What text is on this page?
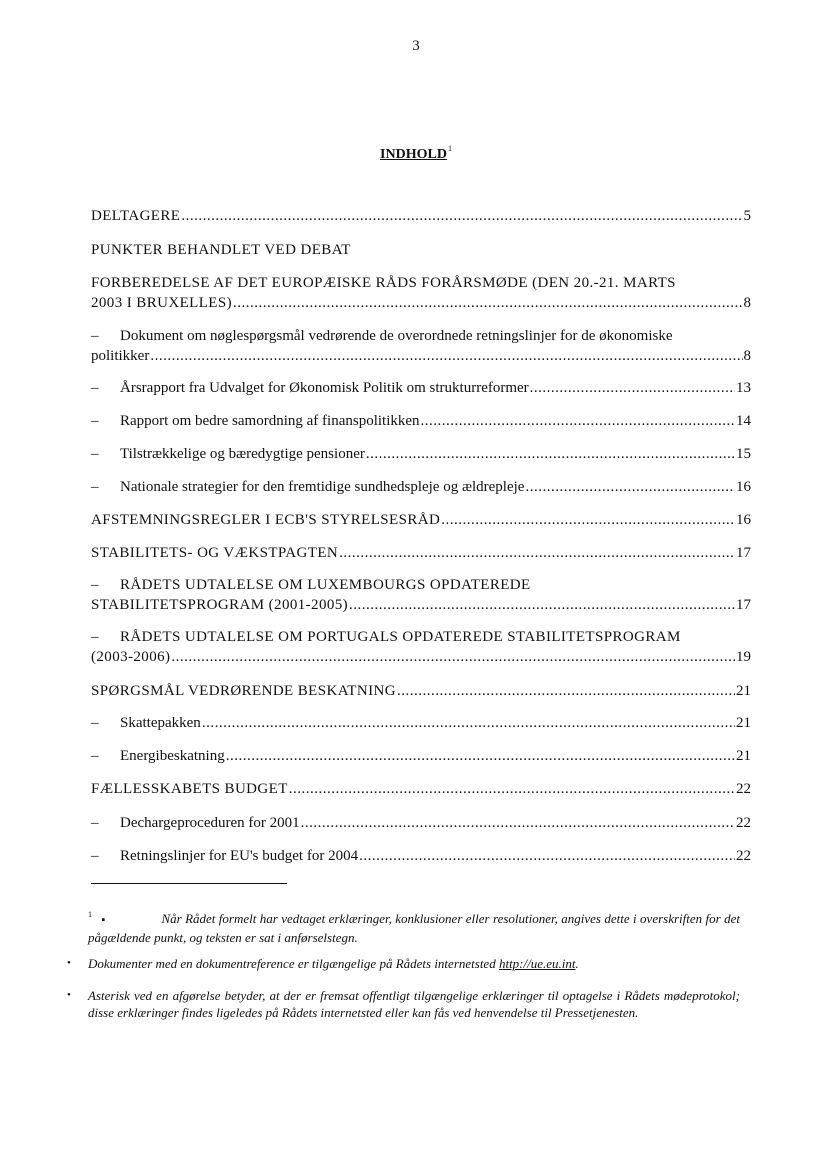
3
INDHOLD$^1$
DELTAGERE .....	5
PUNKTER BEHANDLET VED DEBAT
FORBEREDELSE AF DET EUROPÆISKE RÅDS FORÅRSMØDE (DEN 20.-21. MARTS
2003 I BRUXELLES) .....	8
–	Dokument om nøglespørgsmål vedrørende de overordnede retningslinjer for de økonomiske
politikker .....	8
–	Årsrapport fra Udvalget for Økonomisk Politik om strukturreformer .....	13
–	Rapport om bedre samordning af finanspolitikken .....	14
–	Tilstrækkelige og bæredygtige pensioner .....	15
–	Nationale strategier for den fremtidige sundhedspleje og ældrepleje .....	16
AFSTEMNINGSREGLER I ECB'S STYRELSESRÅD .....	16
STABILITETS- OG VÆKSTPAGTEN .....	17
–	RÅDETS UDTALELSE OM LUXEMBOURGS OPDATEREDE
STABILITETSPROGRAM (2001-2005) .....	17
–	RÅDETS UDTALELSE OM PORTUGALS OPDATEREDE STABILITETSPROGRAM
(2003-2006) .....	19
SPØRGSMÅL VEDRØRENDE BESKATNING .....	21
–	Skattepakken .....	21
–	Energibeskatning .....	21
FÆLLESSKABETS BUDGET .....	22
–	Dechargeproceduren for 2001 .....	22
–	Retningslinjer for EU's budget for 2004 .....	22
$^1$ ▪	Når Rådet formelt har vedtaget erklæringer, konklusioner eller resolutioner, angives dette i overskriften for det pågældende punkt, og teksten er sat i anførselstegn.
• Dokumenter med en dokumentreference er tilgængelige på Rådets internetsted http://ue.eu.int.
• Asterisk ved en afgørelse betyder, at der er fremsat offentligt tilgængelige erklæringer til optagelse i Rådets mødeprotokol; disse erklæringer findes ligeledes på Rådets internetsted eller kan fås ved henvendelse til Pressetjenesten.
